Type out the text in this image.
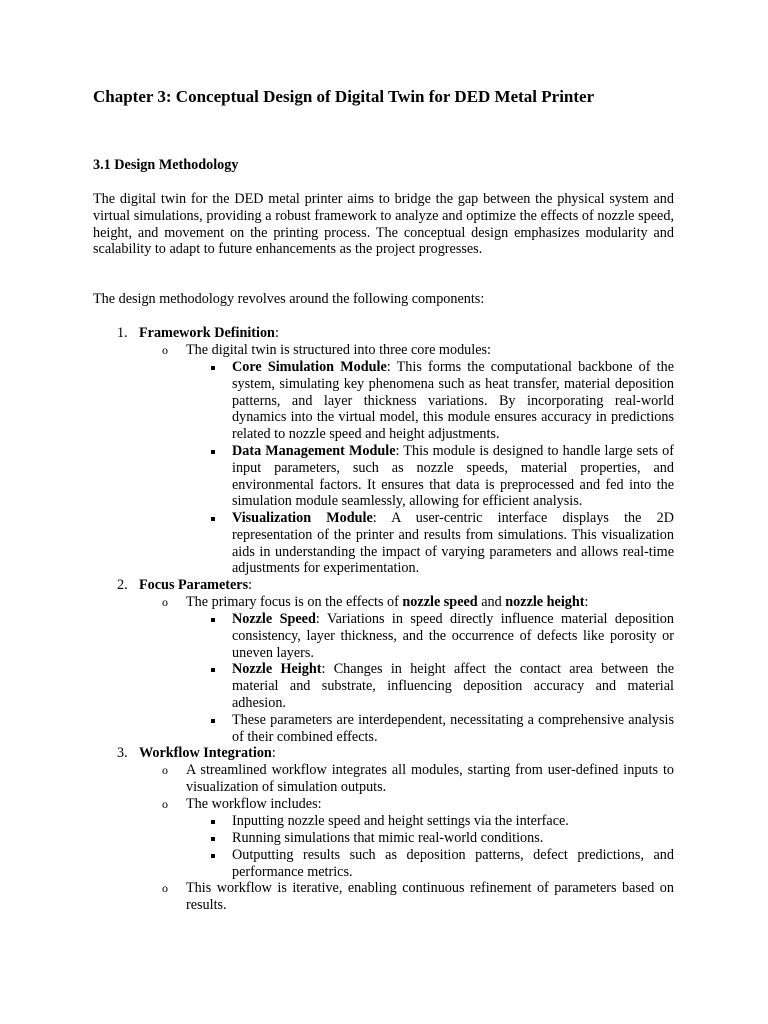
Chapter 3: Conceptual Design of Digital Twin for DED Metal Printer
3.1 Design Methodology

The digital twin for the DED metal printer aims to bridge the gap between the physical system and virtual simulations, providing a robust framework to analyze and optimize the effects of nozzle speed, height, and movement on the printing process. The conceptual design emphasizes modularity and scalability to adapt to future enhancements as the project progresses.

The design methodology revolves around the following components:

1. Framework Definition:
o The digital twin is structured into three core modules:

Core Simulation Module: This forms the computational backbone of the system, simulating key phenomena such as heat transfer, material deposition patterns, and layer thickness variations. By incorporating real-world dynamics into the virtual model, this module ensures accuracy in predictions related to nozzle speed and height adjustments.

Data Management Module: This module is designed to handle large sets of input parameters, such as nozzle speeds, material properties, and environmental factors. It ensures that data is preprocessed and fed into the simulation module seamlessly, allowing for efficient analysis.

Visualization Module: A user-centric interface displays the 2D representation of the printer and results from simulations. This visualization aids in understanding the impact of varying parameters and allows real-time adjustments for experimentation.

2. Focus Parameters:
o The primary focus is on the effects of nozzle speed and nozzle height:

Nozzle Speed: Variations in speed directly influence material deposition consistency, layer thickness, and the occurrence of defects like porosity or uneven layers.

Nozzle Height: Changes in height affect the contact area between the material and substrate, influencing deposition accuracy and material adhesion.

These parameters are interdependent, necessitating a comprehensive analysis of their combined effects.

3. Workflow Integration:
o A streamlined workflow integrates all modules, starting from user-defined inputs to visualization of simulation outputs.

o The workflow includes:
Inputting nozzle speed and height settings via the interface.
Running simulations that mimic real-world conditions.

Outputting results such as deposition patterns, defect predictions, and performance metrics.

o This workflow is iterative, enabling continuous refinement of parameters based on results.
